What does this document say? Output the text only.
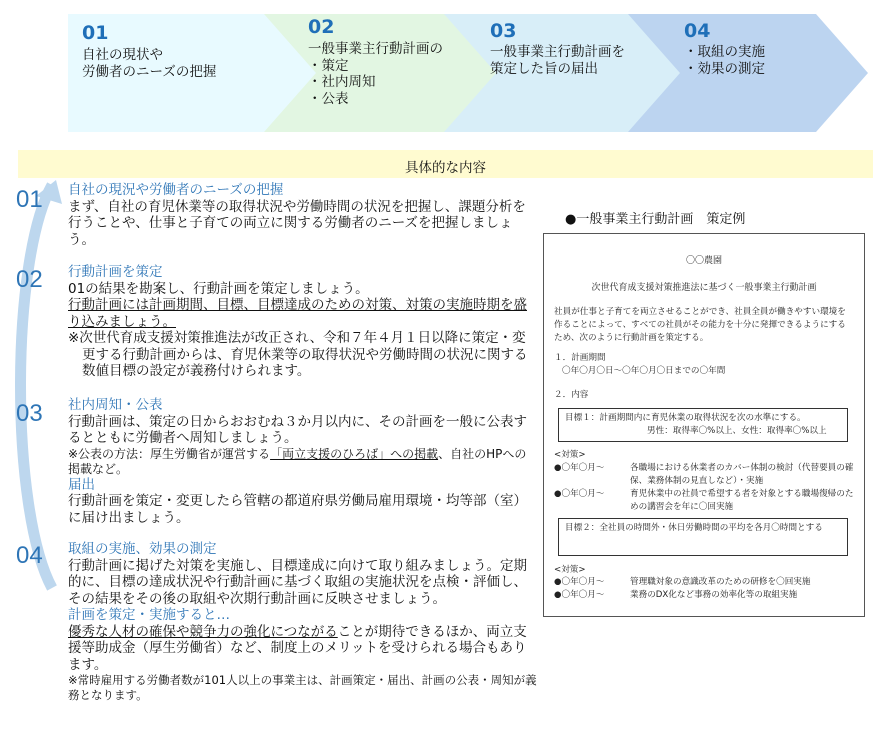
01
自社の現状や
労働者のニーズの把握
02
一般事業主行動計画の
・策定
・社内周知
・公表
03
一般事業主行動計画を
策定した旨の届出
04
・取組の実施
・効果の測定
具体的な内容
01
02
03
04
自社の現況や労働者のニーズの把握
まず、自社の育児休業等の取得状況や労働時間の状況を把握し、課題分析を行うことや、仕事と子育ての両立に関する労働者のニーズを把握しましょう。
行動計画を策定
01の結果を勘案し、行動計画を策定しましょう。
行動計画には計画期間、目標、目標達成のための対策、対策の実施時期を盛り込みましょう。
※次世代育成支援対策推進法が改正され、令和７年４月１日以降に策定・変更する行動計画からは、育児休業等の取得状況や労働時間の状況に関する数値目標の設定が義務付けられます。
社内周知・公表
行動計画は、策定の日からおおむね３か月以内に、その計画を一般に公表するとともに労働者へ周知しましょう。
※公表の方法：厚生労働省が運営する「両立支援のひろば」への掲載、自社のHPへの掲載など。
届出
行動計画を策定・変更したら管轄の都道府県労働局雇用環境・均等部（室）に届け出ましょう。
取組の実施、効果の測定
行動計画に掲げた対策を実施し、目標達成に向けて取り組みましょう。定期的に、目標の達成状況や行動計画に基づく取組の実施状況を点検・評価し、その結果をその後の取組や次期行動計画に反映させましょう。
計画を策定・実施すると…
優秀な人材の確保や競争力の強化につながることが期待できるほか、両立支援等助成金（厚生労働省）など、制度上のメリットを受けられる場合もあります。
※常時雇用する労働者数が101人以上の事業主は、計画策定・届出、計画の公表・周知が義務となります。
●一般事業主行動計画　策定例
〇〇農園
次世代育成支援対策推進法に基づく一般事業主行動計画
社員が仕事と子育てを両立させることができ、社員全員が働きやすい環境を作ることによって、すべての社員がその能力を十分に発揮できるようにするため、次のように行動計画を策定する。
１．計画期間
〇年〇月〇日～〇年〇月〇日までの〇年間
２．内容
目標１：計画期間内に育児休業の取得状況を次の水準にする。
男性：取得率〇%以上、女性：取得率〇%以上
<対策>
●〇年〇月～	各職場における休業者のカバー体制の検討（代替要員の確保、業務体制の見直しなど）・実施
●〇年〇月～	育児休業中の社員で希望する者を対象とする職場復帰のための講習会を年に〇回実施
目標２：全社員の時間外・休日労働時間の平均を各月〇時間とする
<対策>
●〇年〇月～	管理職対象の意識改革のための研修を〇回実施
●〇年〇月～	業務のDX化など事務の効率化等の取組実施
